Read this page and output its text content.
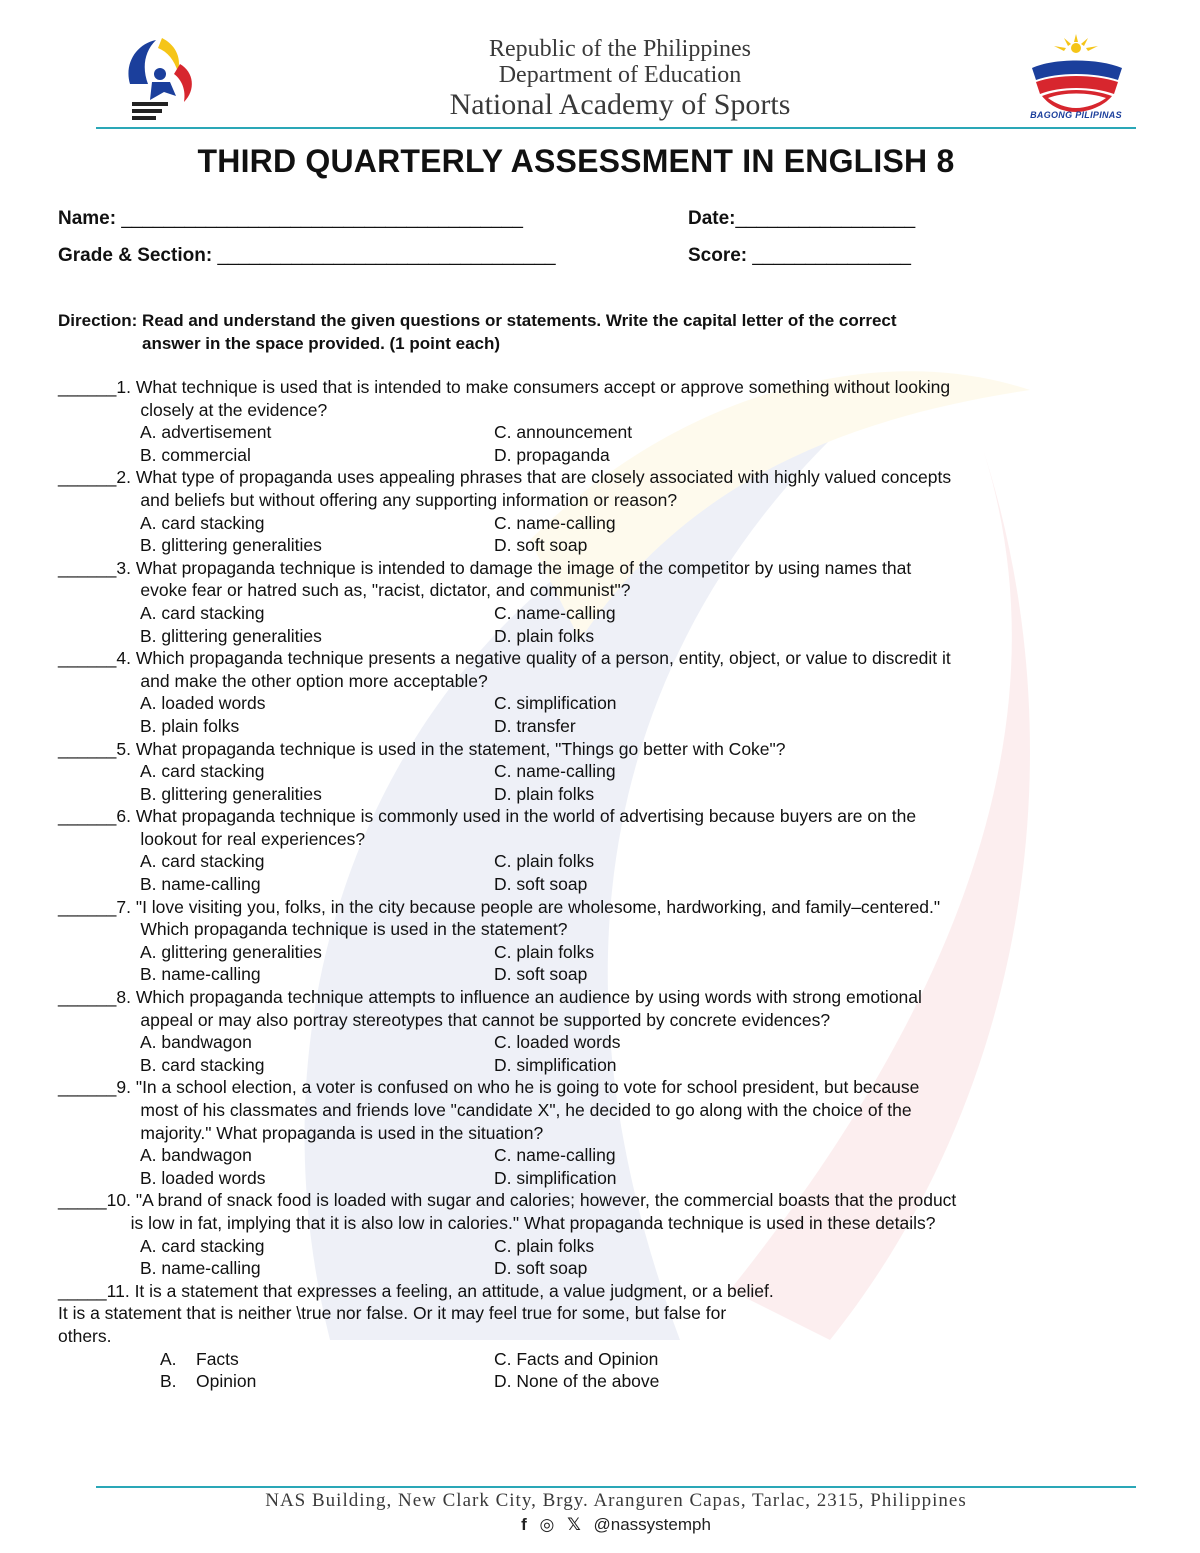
Republic of the Philippines
Department of Education
National Academy of Sports	BAGONG PILIPINAS
THIRD QUARTERLY ASSESSMENT IN ENGLISH 8
Name: ______________________________________	Date:_________________
Grade & Section: ________________________________	Score: _______________
Direction: Read and understand the given questions or statements. Write the capital letter of the correct
answer in the space provided. (1 point each)
______ 1. What technique is used that is intended to make consumers accept or approve something without looking
closely at the evidence?
A. advertisement	C. announcement
B. commercial	D. propaganda
______ 2. What type of propaganda uses appealing phrases that are closely associated with highly valued concepts
and beliefs but without offering any supporting information or reason?
A. card stacking	C. name-calling
B. glittering generalities	D. soft soap
______ 3. What propaganda technique is intended to damage the image of the competitor by using names that
evoke fear or hatred such as, "racist, dictator, and communist"?
A. card stacking	C. name-calling
B. glittering generalities	D. plain folks
______ 4. Which propaganda technique presents a negative quality of a person, entity, object, or value to discredit it
and make the other option more acceptable?
A. loaded words	C. simplification
B. plain folks	D. transfer
______ 5. What propaganda technique is used in the statement, "Things go better with Coke"?
A. card stacking	C. name-calling
B. glittering generalities	D. plain folks
______ 6. What propaganda technique is commonly used in the world of advertising because buyers are on the
lookout for real experiences?
A. card stacking	C. plain folks
B. name-calling	D. soft soap
______ 7. "I love visiting you, folks, in the city because people are wholesome, hardworking, and family–centered."
Which propaganda technique is used in the statement?
A. glittering generalities	C. plain folks
B. name-calling	D. soft soap
______ 8. Which propaganda technique attempts to influence an audience by using words with strong emotional
appeal or may also portray stereotypes that cannot be supported by concrete evidences?
A. bandwagon	C. loaded words
B. card stacking	D. simplification
______ 9. "In a school election, a voter is confused on who he is going to vote for school president, but because
most of his classmates and friends love "candidate X", he decided to go along with the choice of the
majority." What propaganda is used in the situation?
A. bandwagon	C. name-calling
B. loaded words	D. simplification
_____ 10. "A brand of snack food is loaded with sugar and calories; however, the commercial boasts that the product
is low in fat, implying that it is also low in calories." What propaganda technique is used in these details?
A. card stacking	C. plain folks
B. name-calling	D. soft soap
_____ 11. It is a statement that expresses a feeling, an attitude, a value judgment, or a belief.
It is a statement that is neither \true nor false. Or it may feel true for some, but false for
others.
A. Facts	C. Facts and Opinion
B. Opinion	D. None of the above
NAS Building, New Clark City, Brgy. Aranguren Capas, Tarlac, 2315, Philippines
f ◎ 𝕏 @nassystemph
